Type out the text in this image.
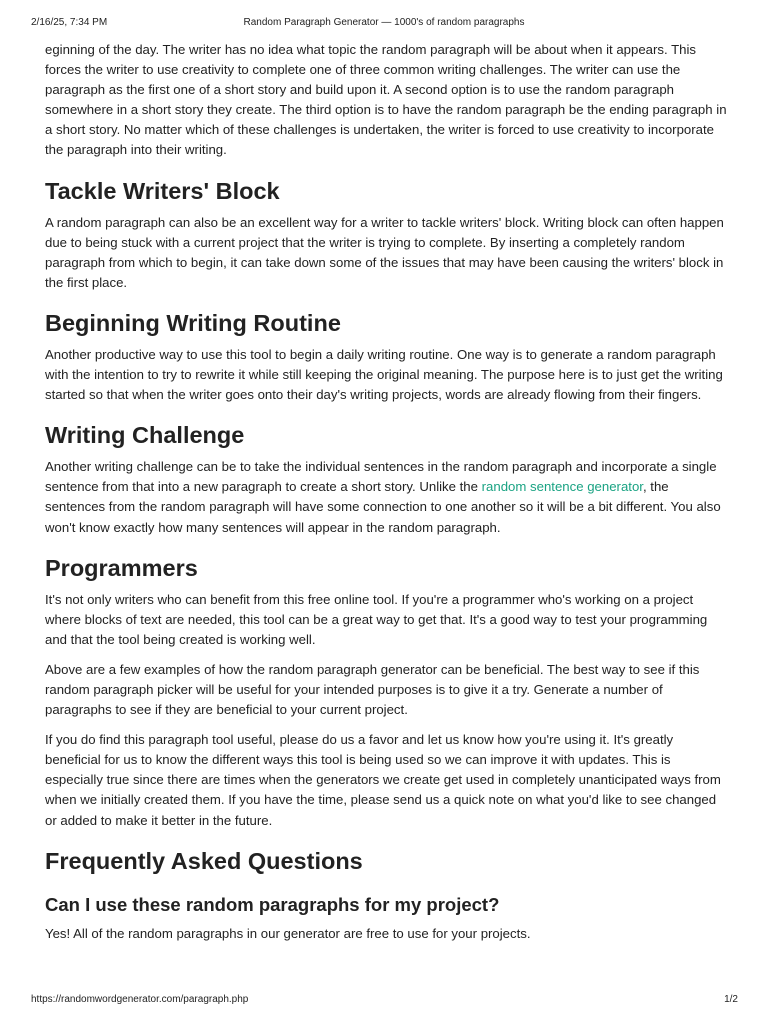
2/16/25, 7:34 PM	Random Paragraph Generator — 1000's of random paragraphs

eginning of the day. The writer has no idea what topic the random paragraph will be about when it appears. This forces the writer to use creativity to complete one of three common writing challenges. The writer can use the paragraph as the first one of a short story and build upon it. A second option is to use the random paragraph somewhere in a short story they create. The third option is to have the random paragraph be the ending paragraph in a short story. No matter which of these challenges is undertaken, the writer is forced to use creativity to incorporate the paragraph into their writing.

Tackle Writers' Block

A random paragraph can also be an excellent way for a writer to tackle writers' block. Writing block can often happen due to being stuck with a current project that the writer is trying to complete. By inserting a completely random paragraph from which to begin, it can take down some of the issues that may have been causing the writers' block in the first place.

Beginning Writing Routine

Another productive way to use this tool to begin a daily writing routine. One way is to generate a random paragraph with the intention to try to rewrite it while still keeping the original meaning. The purpose here is to just get the writing started so that when the writer goes onto their day's writing projects, words are already flowing from their fingers.

Writing Challenge

Another writing challenge can be to take the individual sentences in the random paragraph and incorporate a single sentence from that into a new paragraph to create a short story. Unlike the random sentence generator, the sentences from the random paragraph will have some connection to one another so it will be a bit different. You also won't know exactly how many sentences will appear in the random paragraph.

Programmers

It's not only writers who can benefit from this free online tool. If you're a programmer who's working on a project where blocks of text are needed, this tool can be a great way to get that. It's a good way to test your programming and that the tool being created is working well.

Above are a few examples of how the random paragraph generator can be beneficial. The best way to see if this random paragraph picker will be useful for your intended purposes is to give it a try. Generate a number of paragraphs to see if they are beneficial to your current project.

If you do find this paragraph tool useful, please do us a favor and let us know how you're using it. It's greatly beneficial for us to know the different ways this tool is being used so we can improve it with updates. This is especially true since there are times when the generators we create get used in completely unanticipated ways from when we initially created them. If you have the time, please send us a quick note on what you'd like to see changed or added to make it better in the future.

Frequently Asked Questions
Can I use these random paragraphs for my project?

Yes! All of the random paragraphs in our generator are free to use for your projects.

https://randomwordgenerator.com/paragraph.php	1/2
